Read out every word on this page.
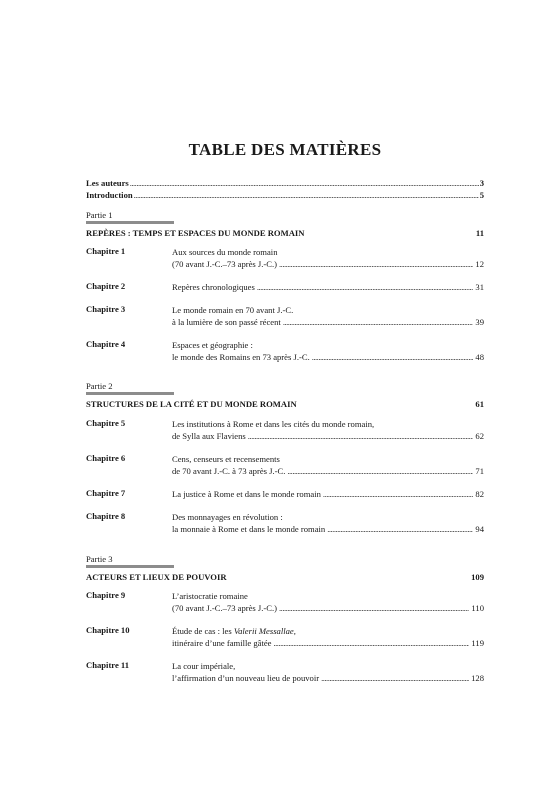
TABLE DES MATIÈRES
Les auteurs .....	3
Introduction .....	5
Partie 1
REPÈRES : TEMPS ET ESPACES DU MONDE ROMAIN	11
Chapitre 1	Aux sources du monde romain
(70 avant J.-C.–73 après J.-C.) .....	12
Chapitre 2	Repères chronologiques .....	31
Chapitre 3	Le monde romain en 70 avant J.-C.
à la lumière de son passé récent .....	39
Chapitre 4	Espaces et géographie :
le monde des Romains en 73 après J.-C. .....	48
Partie 2
STRUCTURES DE LA CITÉ ET DU MONDE ROMAIN	61
Chapitre 5	Les institutions à Rome et dans les cités du monde romain,
de Sylla aux Flaviens .....	62
Chapitre 6	Cens, censeurs et recensements
de 70 avant J.-C. à 73 après J.-C. .....	71
Chapitre 7	La justice à Rome et dans le monde romain .....	82
Chapitre 8	Des monnayages en révolution :
la monnaie à Rome et dans le monde romain .....	94
Partie 3
ACTEURS ET LIEUX DE POUVOIR	109
Chapitre 9	L’aristocratie romaine
(70 avant J.-C.–73 après J.-C.) .....	110
Chapitre 10	Étude de cas : les Valerii Messallae,
itinéraire d’une famille gâtée .....	119
Chapitre 11	La cour impériale,
l’affirmation d’un nouveau lieu de pouvoir .....	128
